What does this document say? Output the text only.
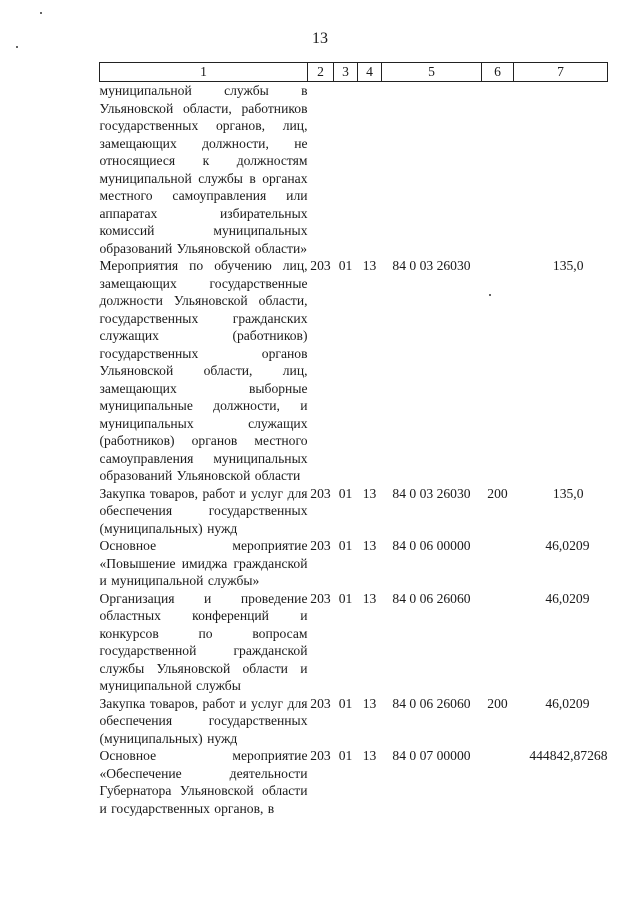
13
1	2	3	4	5	6	7
муниципальной службы в Ульяновской области, работников государственных органов, лиц, замещающих должности, не относящиеся к должностям муниципальной службы в органах местного самоуправления или аппаратах избирательных комиссий муниципальных образований Ульяновской области»						
Мероприятия по обучению лиц, замещающих государственные должности Ульяновской области, государственных гражданских служащих (работников) государственных органов Ульяновской области, лиц, замещающих выборные муниципальные должности, и муниципальных служащих (работников) органов местного самоуправления муниципальных образований Ульяновской области	203	01	13	84 0 03 26030		135,0
Закупка товаров, работ и услуг для обеспечения государственных (муниципальных) нужд	203	01	13	84 0 03 26030	200	135,0
Основное мероприятие «Повышение имиджа гражданской и муниципальной службы»	203	01	13	84 0 06 00000		46,0209
Организация и проведение областных конференций и конкурсов по вопросам государственной гражданской службы Ульяновской области и муниципальной службы	203	01	13	84 0 06 26060		46,0209
Закупка товаров, работ и услуг для обеспечения государственных (муниципальных) нужд	203	01	13	84 0 06 26060	200	46,0209
Основное мероприятие «Обеспечение деятельности Губернатора Ульяновской области и государственных органов, в	203	01	13	84 0 07 00000		444842,87268
